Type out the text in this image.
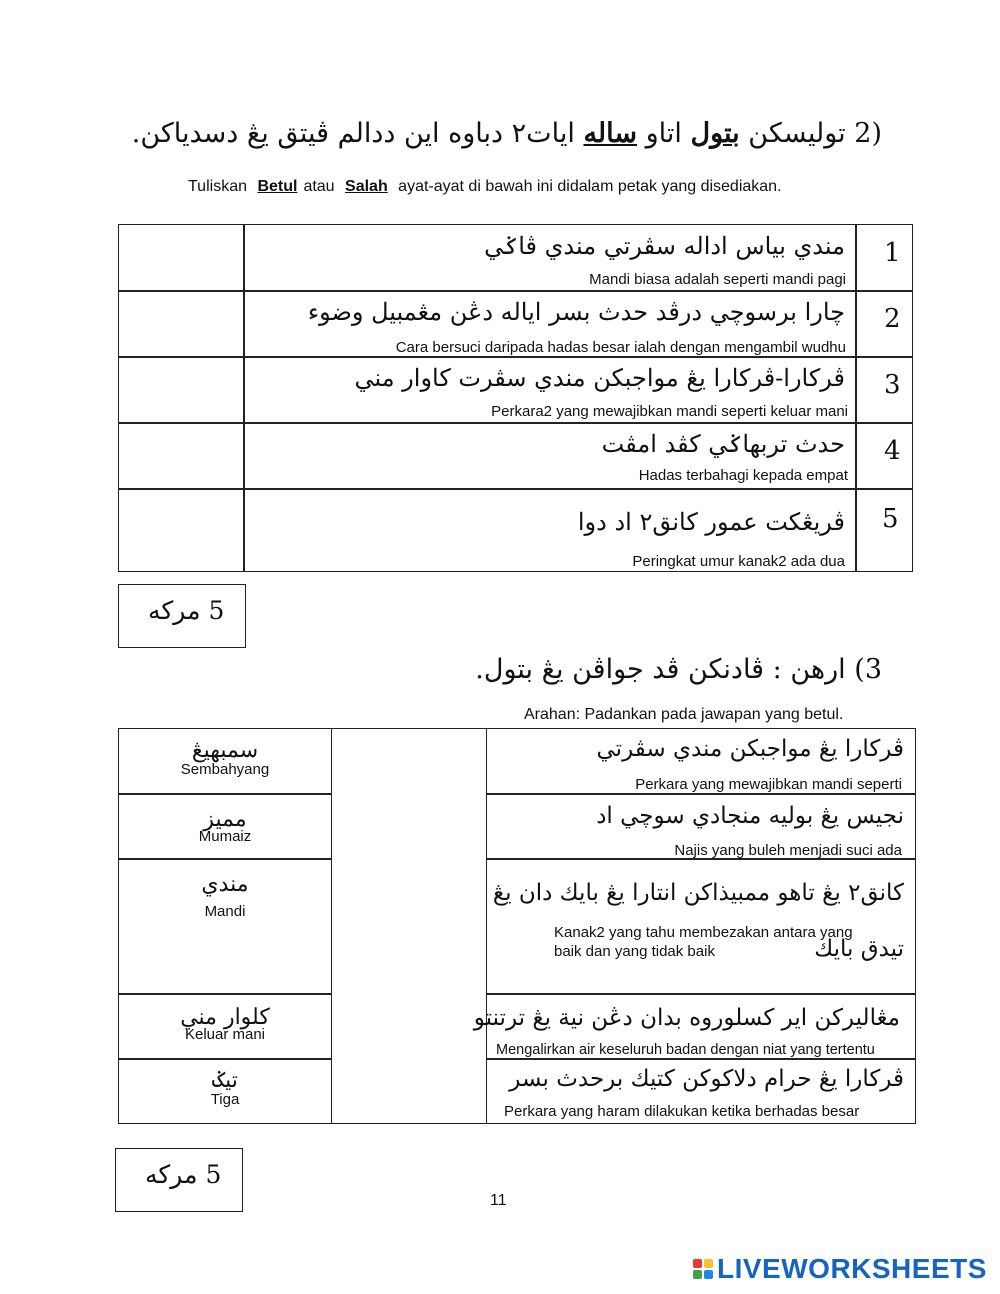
2) توليسكن بتول اتاو ساله ايات٢ دباوه اين ددالم ڤيتق يڠ دسدياكن.
Tuliskan Betul atau Salah ayat-ayat di bawah ini didalam petak yang disediakan.
مندي بياس اداله سڤرتي مندي ڤاݢي
Mandi biasa adalah seperti mandi pagi
1
چارا برسوچي درڤد حدث بسر اياله دڠن مڠمبيل وضوء
Cara bersuci daripada hadas besar ialah dengan mengambil wudhu
2
ڤركارا-ڤركارا يڠ مواجبكن مندي سڤرت كاوار مني
Perkara2 yang mewajibkan mandi seperti keluar mani
3
حدث تربهاݢي كڤد امڤت
Hadas terbahagi kepada empat
4
ڤريڠكت عمور كانق٢ اد دوا
Peringkat umur kanak2 ada dua
5
5 مركه
3) ارهن : ڤادنكن ڤد جواڤن يڠ بتول.
Arahan: Padankan pada jawapan yang betul.
سمبهيڠ
Sembahyang
مميز
Mumaiz
مندي
Mandi
كلوار مني
Keluar mani
تيݢ
Tiga
ڤركارا يڠ مواجبكن مندي سڤرتي
Perkara yang mewajibkan mandi seperti
نجيس يڠ بوليه منجادي سوچي اد
Najis yang buleh menjadi suci ada
كانق٢ يڠ تاهو ممبيذاكن انتارا يڠ بايك دان يڠ
Kanak2 yang tahu membezakan antara yang
baik dan yang tidak baik	تيدق بايك
مڠاليركن اير كسلوروه بدان دڠن نية يڠ ترتنتو
Mengalirkan air keseluruh badan dengan niat yang tertentu
ڤركارا يڠ حرام دلاكوكن كتيك برحدث بسر
Perkara yang haram dilakukan ketika berhadas besar
5 مركه
11
LIVEWORKSHEETS
